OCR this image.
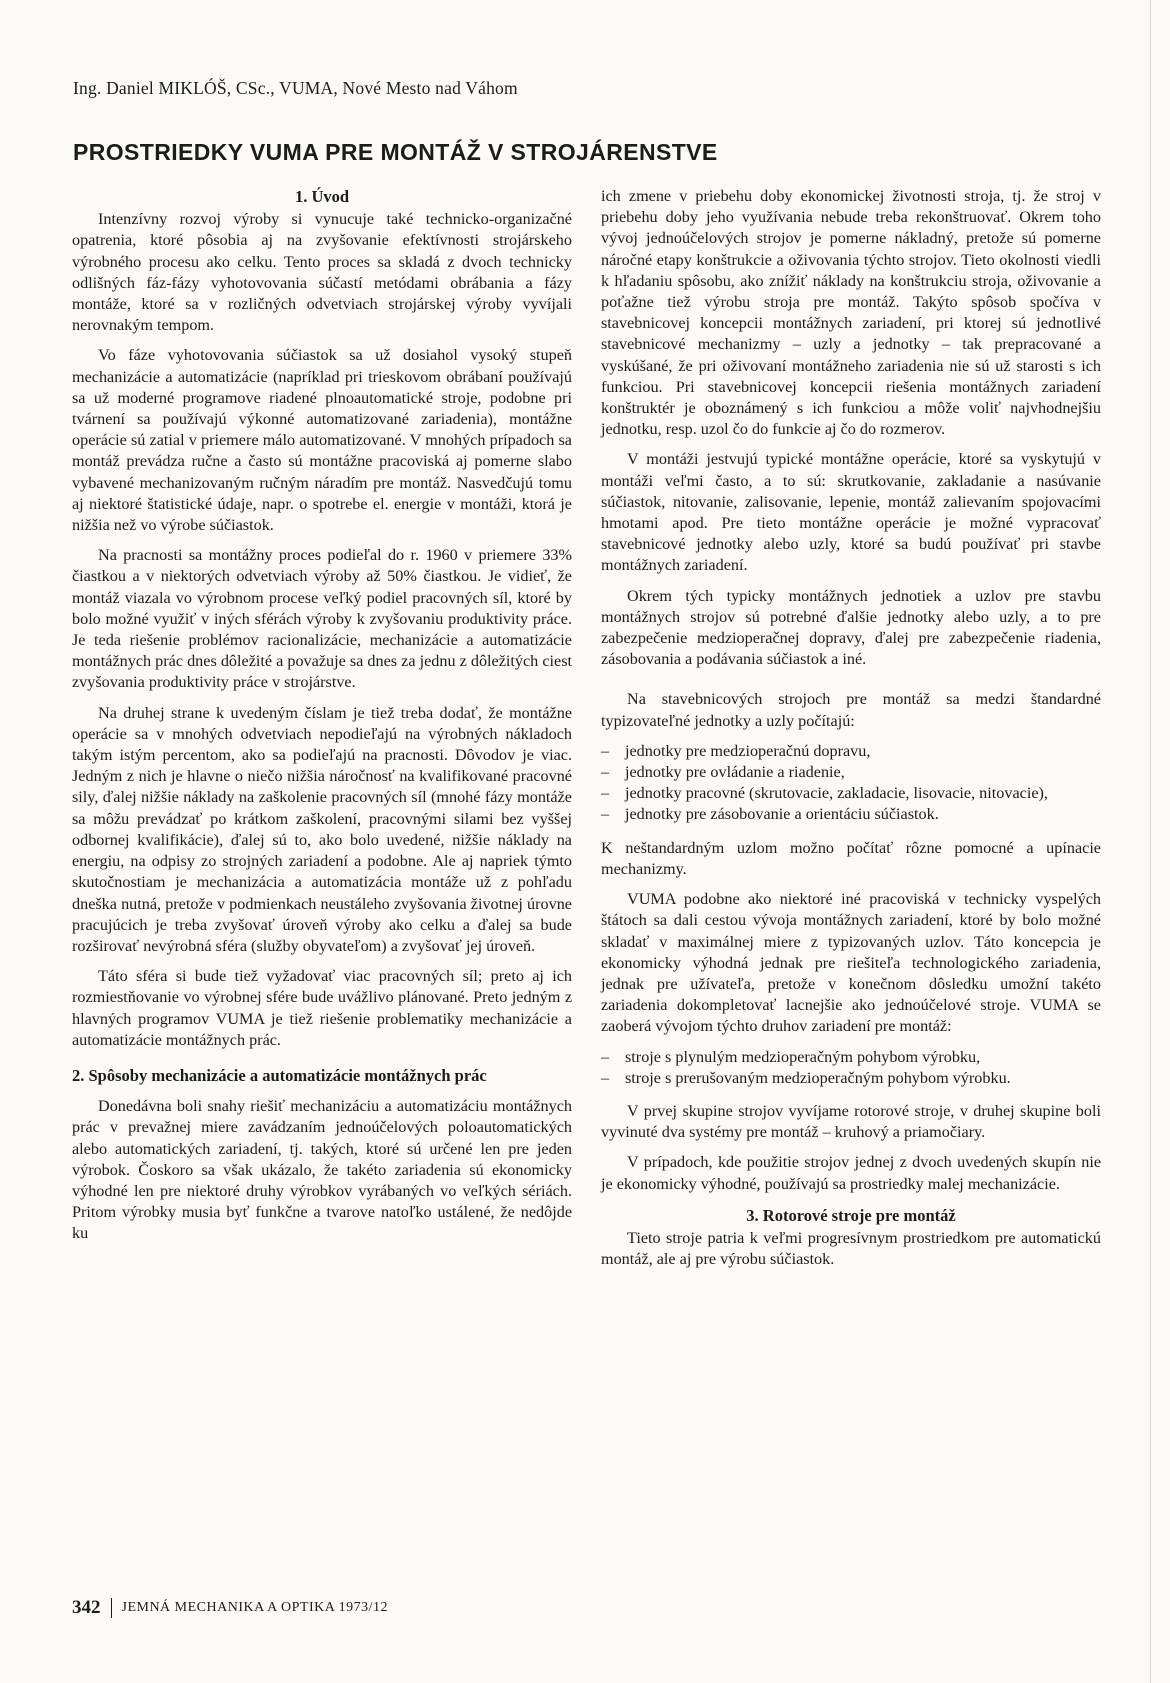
Ing. Daniel MIKLÓŠ, CSc., VUMA, Nové Mesto nad Váhom
PROSTRIEDKY VUMA PRE MONTÁŽ V STROJÁRENSTVE
1. Úvod

Intenzívny rozvoj výroby si vynucuje také technicko-organizačné opatrenia, ktoré pôsobia aj na zvyšovanie efektívnosti strojárskeho výrobného procesu ako celku. Tento proces sa skladá z dvoch technicky odlišných fáz-fázy vyhotovovania súčastí metódami obrábania a fázy montáže, ktoré sa v rozličných odvetviach strojárskej výroby vyvíjali nerovnakým tempom.

Vo fáze vyhotovovania súčiastok sa už dosiahol vysoký stupeň mechanizácie a automatizácie (napríklad pri trieskovom obrábaní používajú sa už moderné programove riadené plnoautomatické stroje, podobne pri tvárnení sa používajú výkonné automatizované zariadenia), montážne operácie sú zatial v priemere málo automatizované. V mnohých prípadoch sa montáž prevádza ručne a často sú montážne pracoviská aj pomerne slabo vybavené mechanizovaným ručným náradím pre montáž. Nasvedčujú tomu aj niektoré štatistické údaje, napr. o spotrebe el. energie v montáži, ktorá je nižšia než vo výrobe súčiastok.

Na pracnosti sa montážny proces podieľal do r. 1960 v priemere 33% čiastkou a v niektorých odvetviach výroby až 50% čiastkou. Je vidieť, že montáž viazala vo výrobnom procese veľký podiel pracovných síl, ktoré by bolo možné využiť v iných sférách výroby k zvyšovaniu produktivity práce. Je teda riešenie problémov racionalizácie, mechanizácie a automatizácie montážnych prác dnes dôležité a považuje sa dnes za jednu z dôležitých ciest zvyšovania produktivity práce v strojárstve.

Na druhej strane k uvedeným číslam je tiež treba dodať, že montážne operácie sa v mnohých odvetviach nepodieľajú na výrobných nákladoch takým istým percentom, ako sa podieľajú na pracnosti. Dôvodov je viac. Jedným z nich je hlavne o niečo nižšia náročnosť na kvalifikované pracovné sily, ďalej nižšie náklady na zaškolenie pracovných síl (mnohé fázy montáže sa môžu prevádzať po krátkom zaškolení, pracovnými silami bez vyššej odbornej kvalifikácie), ďalej sú to, ako bolo uvedené, nižšie náklady na energiu, na odpisy zo strojných zariadení a podobne. Ale aj napriek týmto skutočnostiam je mechanizácia a automatizácia montáže už z pohľadu dneška nutná, pretože v podmienkach neustáleho zvyšovania životnej úrovne pracujúcich je treba zvyšovať úroveň výroby ako celku a ďalej sa bude rozširovať nevýrobná sféra (služby obyvateľom) a zvyšovať jej úroveň.

Táto sféra si bude tiež vyžadovať viac pracovných síl; preto aj ich rozmiestňovanie vo výrobnej sfére bude uvážlivo plánované. Preto jedným z hlavných programov VUMA je tiež riešenie problematiky mechanizácie a automatizácie montážnych prác.

2. Spôsoby mechanizácie a automatizácie montážnych prác

Donedávna boli snahy riešiť mechanizáciu a automatizáciu montážnych prác v prevažnej miere zavádzaním jednoúčelových poloautomatických alebo automatických zariadení, tj. takých, ktoré sú určené len pre jeden výrobok. Čoskoro sa však ukázalo, že takéto zariadenia sú ekonomicky výhodné len pre niektoré druhy výrobkov vyrábaných vo veľkých sériách. Pritom výrobky musia byť funkčne a tvarove natoľko ustálené, že nedôjde ku

ich zmene v priebehu doby ekonomickej životnosti stroja, tj. že stroj v priebehu doby jeho využívania nebude treba rekonštruovať. Okrem toho vývoj jednoúčelových strojov je pomerne nákladný, pretože sú pomerne náročné etapy konštrukcie a oživovania týchto strojov. Tieto okolnosti viedli k hľadaniu spôsobu, ako znížiť náklady na konštrukciu stroja, oživovanie a poťažne tiež výrobu stroja pre montáž. Takýto spôsob spočíva v stavebnicovej koncepcii montážnych zariadení, pri ktorej sú jednotlivé stavebnicové mechanizmy – uzly a jednotky – tak prepracované a vyskúšané, že pri oživovaní montážneho zariadenia nie sú už starosti s ich funkciou. Pri stavebnicovej koncepcii riešenia montážnych zariadení konštruktér je oboznámený s ich funkciou a môže voliť najvhodnejšiu jednotku, resp. uzol čo do funkcie aj čo do rozmerov.

V montáži jestvujú typické montážne operácie, ktoré sa vyskytujú v montáži veľmi často, a to sú: skrutkovanie, zakladanie a nasúvanie súčiastok, nitovanie, zalisovanie, lepenie, montáž zalievaním spojovacími hmotami apod. Pre tieto montážne operácie je možné vypracovať stavebnicové jednotky alebo uzly, ktoré sa budú používať pri stavbe montážnych zariadení.

Okrem tých typicky montážnych jednotiek a uzlov pre stavbu montážnych strojov sú potrebné ďalšie jednotky alebo uzly, a to pre zabezpečenie medzioperačnej dopravy, ďalej pre zabezpečenie riadenia, zásobovania a podávania súčiastok a iné.

Na stavebnicových strojoch pre montáž sa medzi štandardné typizovateľné jednotky a uzly počítajú:

– jednotky pre medzioperačnú dopravu,
– jednotky pre ovládanie a riadenie,
– jednotky pracovné (skrutovacie, zakladacie, lisovacie, nitovacie),
– jednotky pre zásobovanie a orientáciu súčiastok.

K neštandardným uzlom možno počítať rôzne pomocné a upínacie mechanizmy.

VUMA podobne ako niektoré iné pracoviská v technicky vyspelých štátoch sa dali cestou vývoja montážnych zariadení, ktoré by bolo možné skladať v maximálnej miere z typizovaných uzlov. Táto koncepcia je ekonomicky výhodná jednak pre riešiteľa technologického zariadenia, jednak pre užívateľa, pretože v konečnom dôsledku umožní takéto zariadenia dokompletovať lacnejšie ako jednoúčelové stroje. VUMA se zaoberá vývojom týchto druhov zariadení pre montáž:

– stroje s plynulým medzioperačným pohybom výrobku,
– stroje s prerušovaným medzioperačným pohybom výrobku.

V prvej skupine strojov vyvíjame rotorové stroje, v druhej skupine boli vyvinuté dva systémy pre montáž – kruhový a priamočiary.

V prípadoch, kde použitie strojov jednej z dvoch uvedených skupín nie je ekonomicky výhodné, používajú sa prostriedky malej mechanizácie.

3. Rotorové stroje pre montáž

Tieto stroje patria k veľmi progresívnym prostriedkom pre automatickú montáž, ale aj pre výrobu súčiastok.

342 JEMNÁ MECHANIKA A OPTIKA 1973/12
